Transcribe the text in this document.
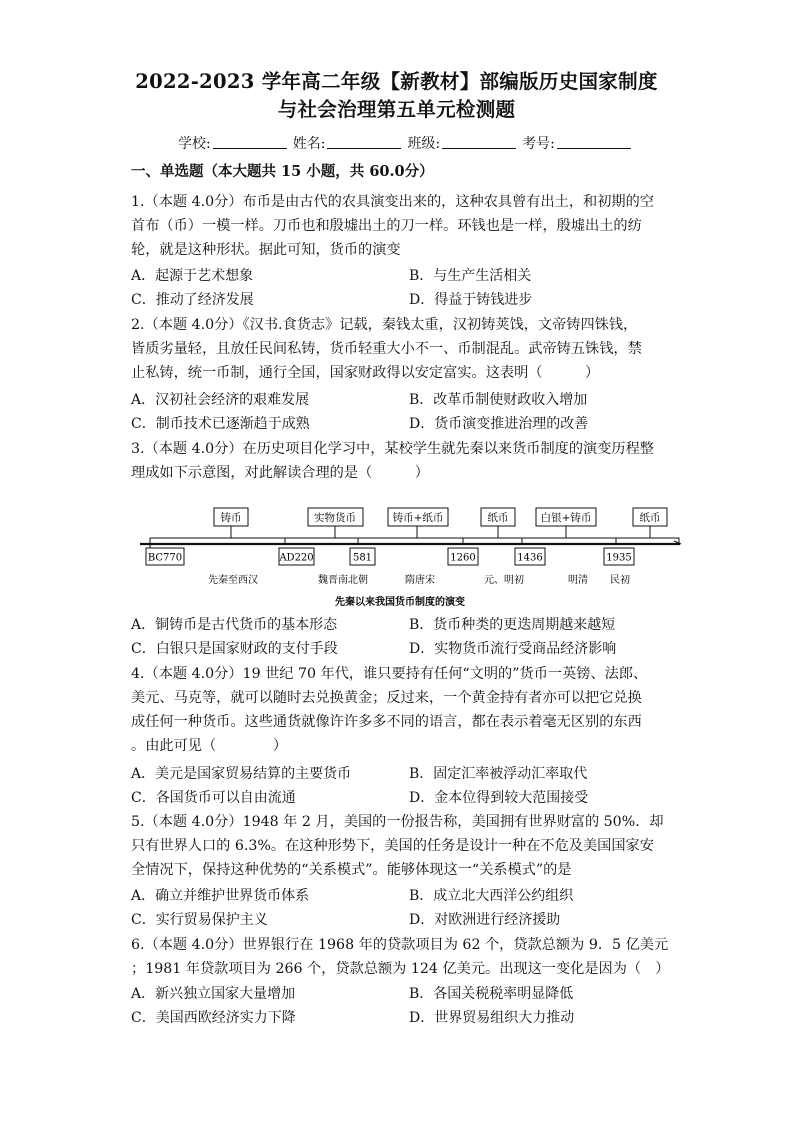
2022-2023 学年高二年级【新教材】部编版历史国家制度
与社会治理第五单元检测题
学校:	姓名:	班级:	考号:
一、单选题（本大题共 15 小题，共 60.0分）
1.（本题 4.0分）布币是由古代的农具演变出来的，这种农具曾有出土，和初期的空
首布（币）一模一样。刀币也和殷墟出土的刀一样。环钱也是一样，殷墟出土的纺
轮，就是这种形状。据此可知，货币的演变
A．起源于艺术想象	B．与生产生活相关
C．推动了经济发展	D．得益于铸钱进步
2.（本题 4.0分）《汉书.食货志》记载，秦钱太重，汉初铸荚饯，文帝铸四铢钱，
皆质劣量轻，且放任民间私铸，货币轻重大小不一、币制混乱。武帝铸五铢钱，禁
止私铸，统一币制，通行全国，国家财政得以安定富实。这表明（　　　）
A．汉初社会经济的艰难发展	B．改革币制使财政收入增加
C．制币技术已逐渐趋于成熟	D．货币演变推进治理的改善
3.（本题 4.0分）在历史项目化学习中，某校学生就先秦以来货币制度的演变历程整
理成如下示意图，对此解读合理的是（　　　）
铸币	实物货币	铸币+纸币	纸币	白银+铸币	纸币
BC770	AD220	581	1260	1436	1935
先秦至西汉	魏晋南北朝	隋唐宋	元、明初	明清 民初
先秦以来我国货币制度的演变
A．铜铸币是古代货币的基本形态	B．货币种类的更迭周期越来越短
C．白银只是国家财政的支付手段	D．实物货币流行受商品经济影响
4.（本题 4.0分）19 世纪 70 年代，谁只要持有任何“文明的”货币一英镑、法郎、
美元、马克等，就可以随时去兑换黄金；反过来，一个黄金持有者亦可以把它兑换
成任何一种货币。这些通货就像许许多多不同的语言，都在表示着毫无区别的东西
。由此可见（　　　　）
A．美元是国家贸易结算的主要货币	B．固定汇率被浮动汇率取代
C．各国货币可以自由流通	D．金本位得到较大范围接受
5.（本题 4.0分）1948 年 2 月，美国的一份报告称，美国拥有世界财富的 50%．却
只有世界人口的 6.3%。在这种形势下，美国的任务是设计一种在不危及美国国家安
全情况下，保持这种优势的“关系模式”。能够体现这一“关系模式”的是
A．确立并维护世界货币体系	B．成立北大西洋公约组织
C．实行贸易保护主义	D．对欧洲进行经济援助
6.（本题 4.0分）世界银行在 1968 年的贷款项目为 62 个，贷款总额为 9．5 亿美元
；1981 年贷款项目为 266 个，贷款总额为 124 亿美元。出现这一变化是因为（　）
A．新兴独立国家大量增加	B．各国关税税率明显降低
C．美国西欧经济实力下降	D．世界贸易组织大力推动
